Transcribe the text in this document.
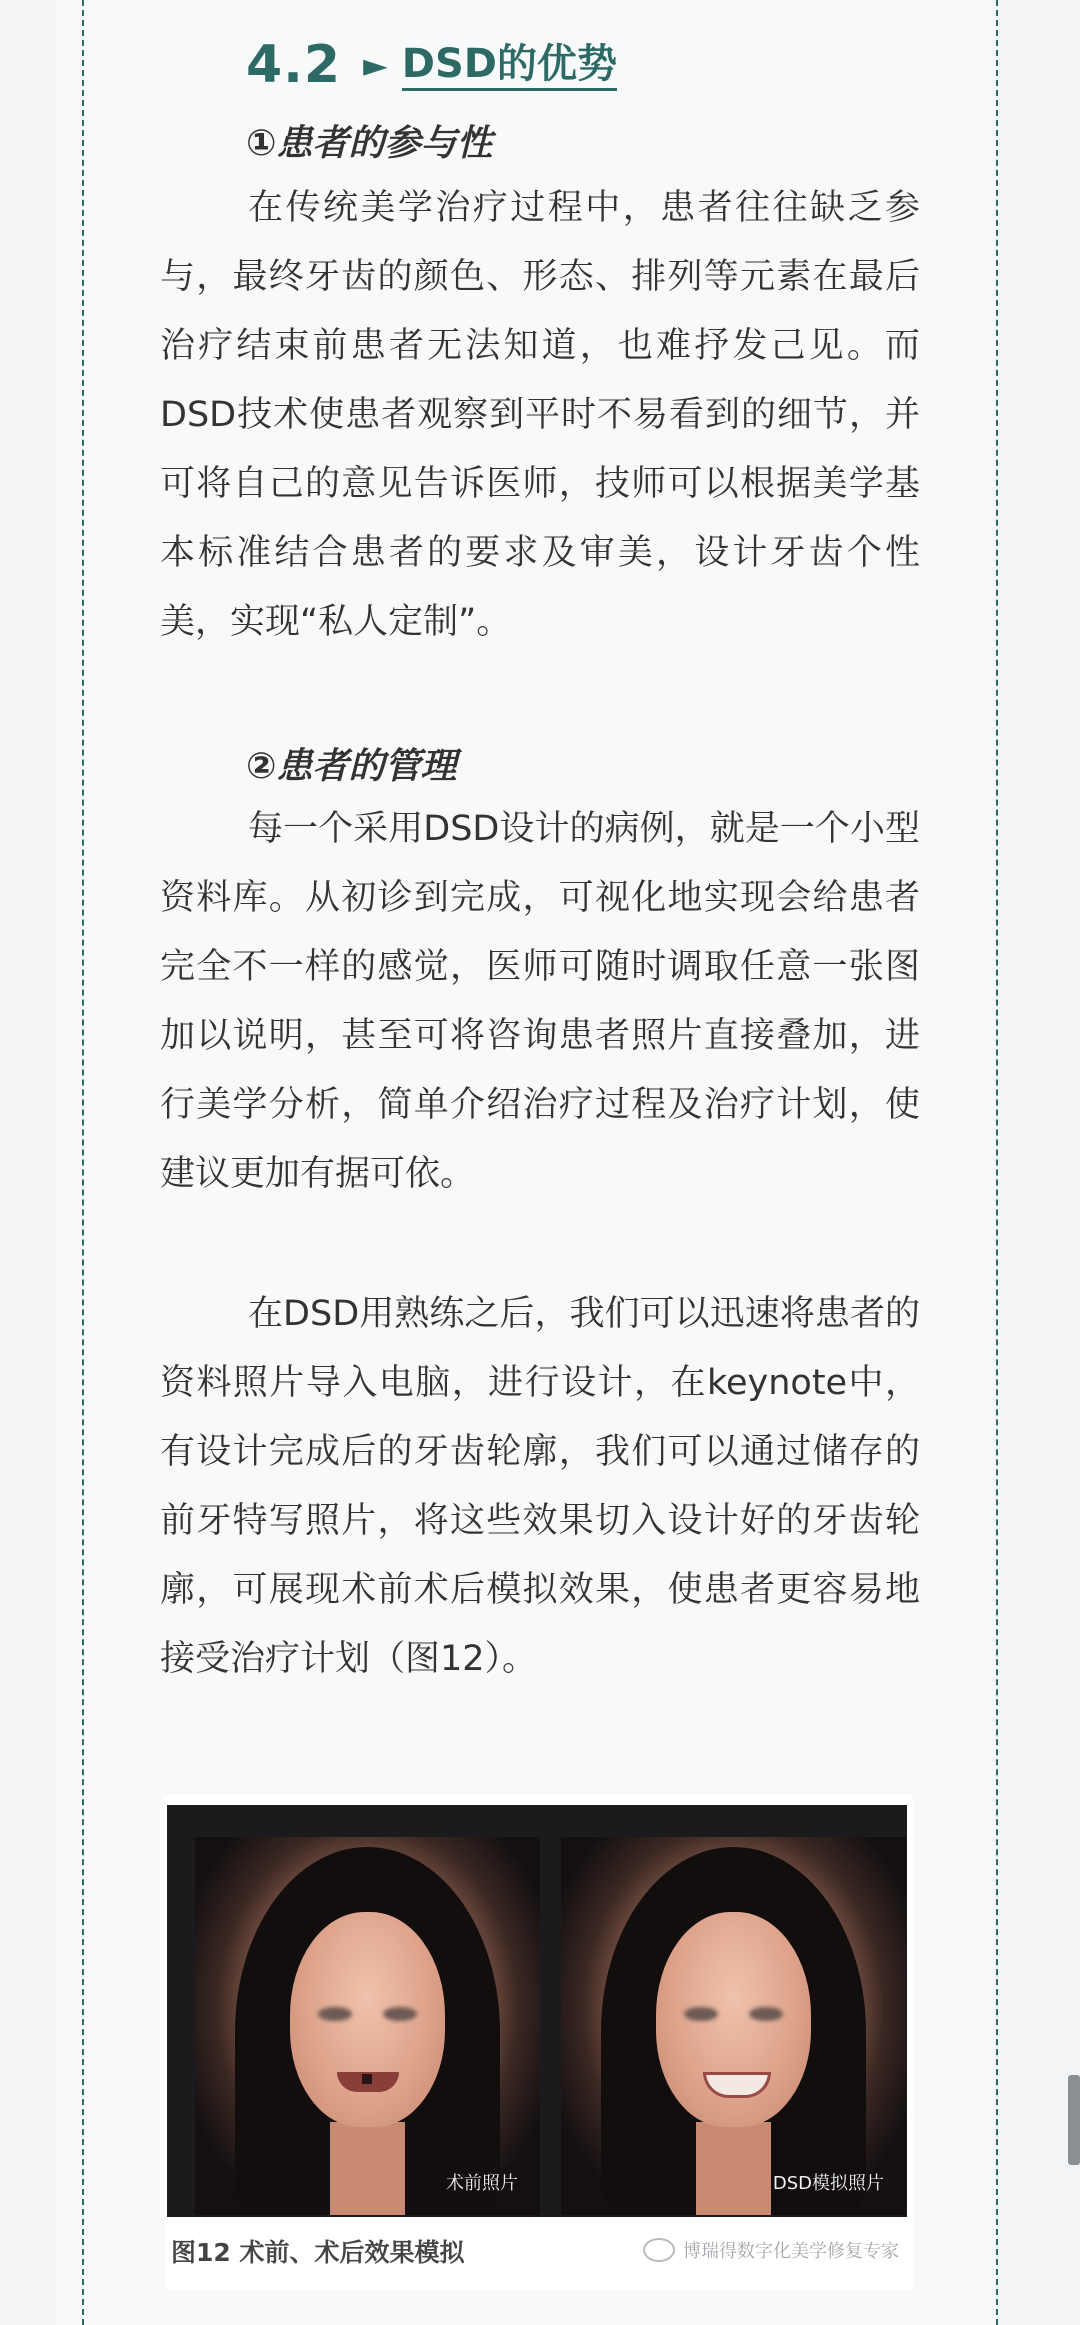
4.2 ► DSD的优势
①患者的参与性

在传统美学治疗过程中，患者往往缺乏参与，最终牙齿的颜色、形态、排列等元素在最后治疗结束前患者无法知道，也难抒发己见。而DSD技术使患者观察到平时不易看到的细节，并可将自己的意见告诉医师，技师可以根据美学基本标准结合患者的要求及审美，设计牙齿个性美，实现“私人定制”。

②患者的管理

每一个采用DSD设计的病例，就是一个小型资料库。从初诊到完成，可视化地实现会给患者完全不一样的感觉，医师可随时调取任意一张图加以说明，甚至可将咨询患者照片直接叠加，进行美学分析，简单介绍治疗过程及治疗计划，使建议更加有据可依。

在DSD用熟练之后，我们可以迅速将患者的资料照片导入电脑，进行设计，在keynote中，有设计完成后的牙齿轮廓，我们可以通过储存的前牙特写照片，将这些效果切入设计好的牙齿轮廓，可展现术前术后模拟效果，使患者更容易地接受治疗计划（图12）。

术前照片	DSD模拟照片
图12 术前、术后效果模拟	博瑞得数字化美学修复专家
